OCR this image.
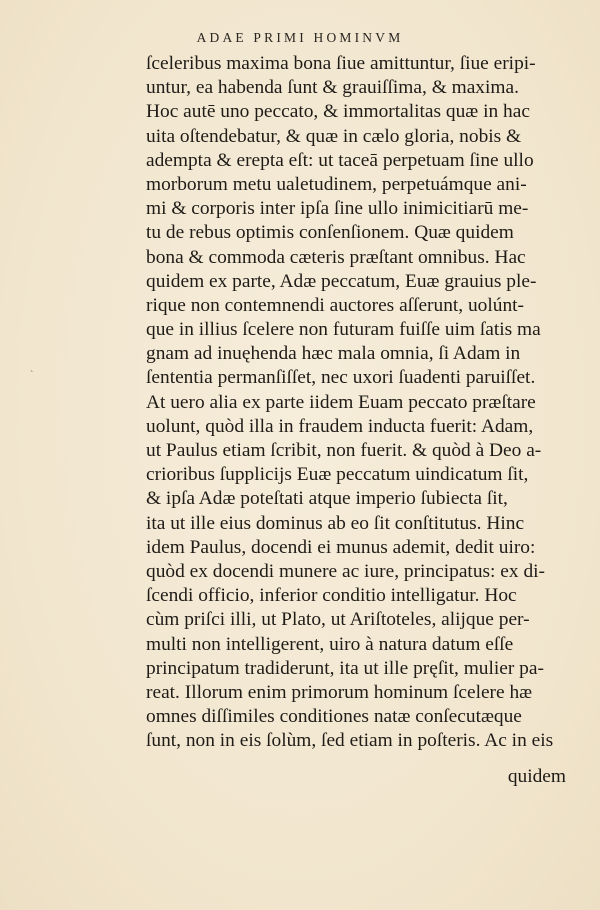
ADAE PRIMI HOMINVM
ˋ
ſceleribus maxima bona ſiue amittuntur, ſiue eripi-
untur, ea habenda ſunt & grauiſſima, & maxima.
Hoc autē uno peccato, & immortalitas quæ in hac
uita oſtendebatur, & quæ in cælo gloria, nobis &
adempta & erepta eſt: ut taceā perpetuam ſine ullo
morborum metu ualetudinem, perpetuámque ani-
mi & corporis inter ipſa ſine ullo inimicitiarū me-
tu de rebus optimis conſenſionem. Quæ quidem
bona & commoda cæteris præſtant omnibus. Hac
quidem ex parte, Adæ peccatum, Euæ grauius ple-
rique non contemnendi auctores aſſerunt, uolúnt-
que in illius ſcelere non futuram fuiſſe uim ſatis ma
gnam ad inuęhenda hæc mala omnia, ſi Adam in
ſententia permanſiſſet, nec uxori ſuadenti paruiſſet.
At uero alia ex parte iidem Euam peccato præſtare
uolunt, quòd illa in fraudem inducta fuerit: Adam,
ut Paulus etiam ſcribit, non fuerit. & quòd à Deo a-
crioribus ſupplicijs Euæ peccatum uindicatum ſit,
& ipſa Adæ poteſtati atque imperio ſubiecta ſit,
ita ut ille eius dominus ab eo ſit conſtitutus. Hinc
idem Paulus, docendi ei munus ademit, dedit uiro:
quòd ex docendi munere ac iure, principatus: ex di-
ſcendi officio, inferior conditio intelligatur. Hoc
cùm priſci illi, ut Plato, ut Ariſtoteles, alijque per-
multi non intelligerent, uiro à natura datum eſſe
principatum tradiderunt, ita ut ille pręſit, mulier pa-
reat. Illorum enim primorum hominum ſcelere hæ
omnes diſſimiles conditiones natæ conſecutæque
ſunt, non in eis ſolùm, ſed etiam in poſteris. Ac in eis
quidem
